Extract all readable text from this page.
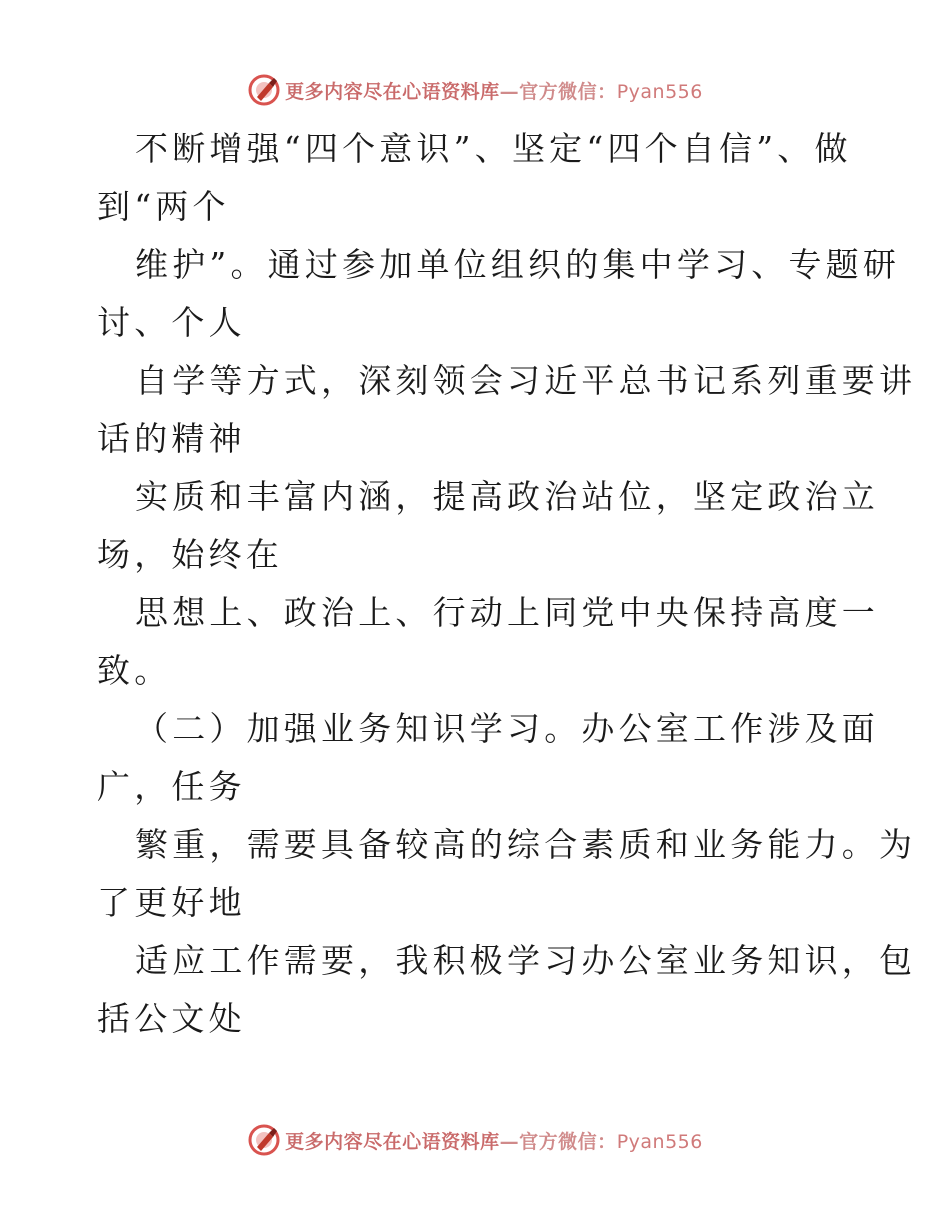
更多内容尽在心语资料库—官方微信：Pyan556
不断增强“四个意识”、坚定“四个自信”、做
到“两个
维护”。通过参加单位组织的集中学习、专题研
讨、个人
自学等方式，深刻领会习近平总书记系列重要讲
话的精神
实质和丰富内涵，提高政治站位，坚定政治立
场，始终在
思想上、政治上、行动上同党中央保持高度一
致。
（二）加强业务知识学习。办公室工作涉及面
广，任务
繁重，需要具备较高的综合素质和业务能力。为
了更好地
适应工作需要，我积极学习办公室业务知识，包
括公文处
更多内容尽在心语资料库—官方微信：Pyan556
